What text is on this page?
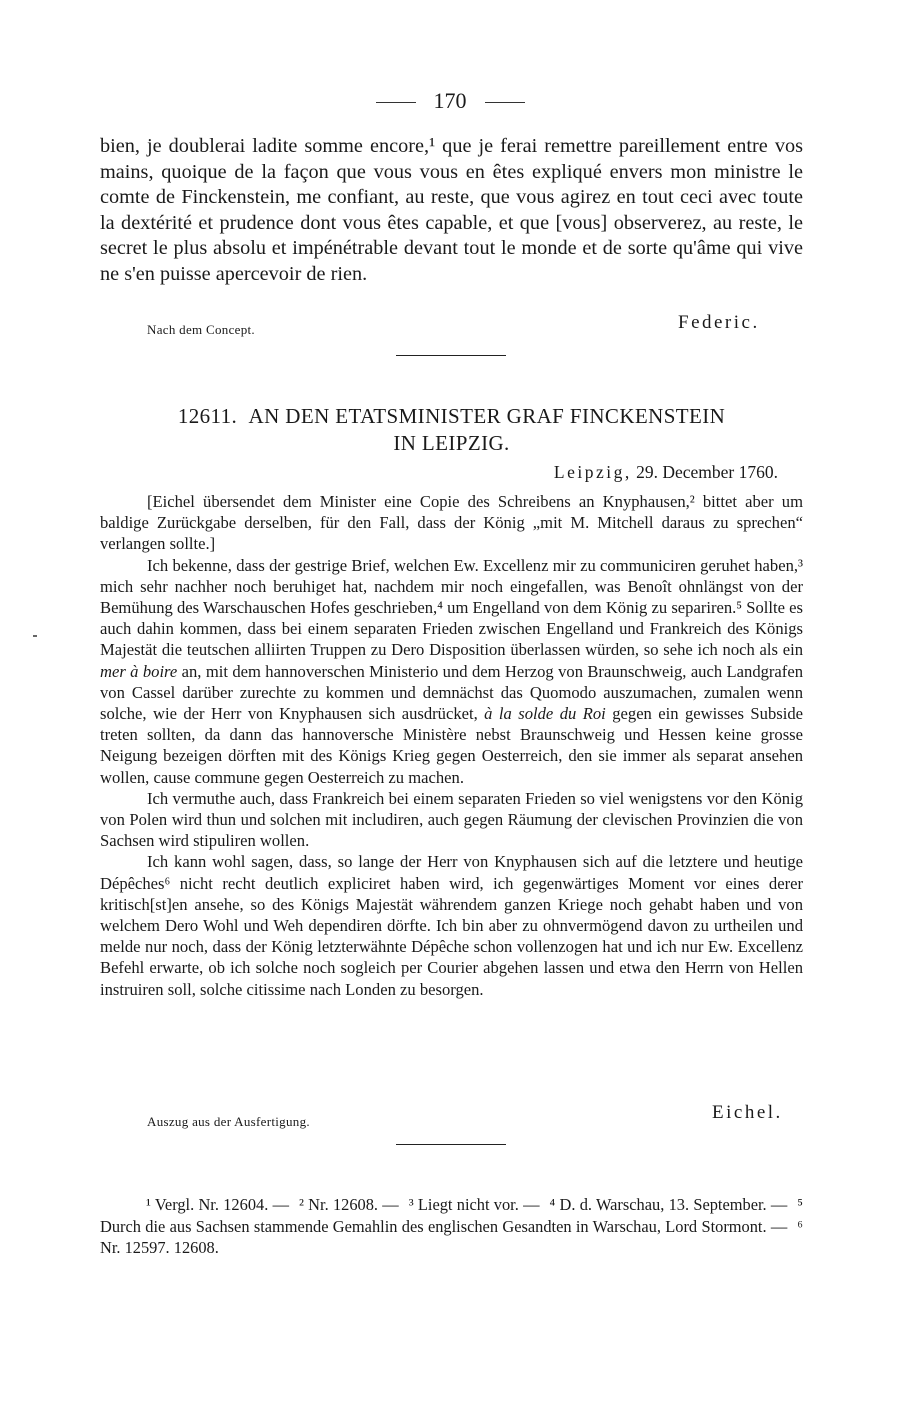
170

bien, je doublerai ladite somme encore,¹ que je ferai remettre pareillement entre vos mains, quoique de la façon que vous vous en êtes expliqué envers mon ministre le comte de Finckenstein, me confiant, au reste, que vous agirez en tout ceci avec toute la dextérité et prudence dont vous êtes capable, et que [vous] observerez, au reste, le secret le plus absolu et impénétrable devant tout le monde et de sorte qu'âme qui vive ne s'en puisse apercevoir de rien.

Nach dem Concept.	Federic.
12611. AN DEN ETATSMINISTER GRAF FINCKENSTEIN
IN LEIPZIG.
Leipzig, 29. December 1760.

[Eichel übersendet dem Minister eine Copie des Schreibens an Knyphausen,² bittet aber um baldige Zurückgabe derselben, für den Fall, dass der König „mit M. Mitchell daraus zu sprechen“ verlangen sollte.]

Ich bekenne, dass der gestrige Brief, welchen Ew. Excellenz mir zu communiciren geruhet haben,³ mich sehr nachher noch beruhiget hat, nachdem mir noch eingefallen, was Benoît ohnlängst von der Bemühung des Warschauschen Hofes geschrieben,⁴ um Engelland von dem König zu separiren.⁵ Sollte es auch dahin kommen, dass bei einem separaten Frieden zwischen Engelland und Frankreich des Königs Majestät die teutschen alliirten Truppen zu Dero Disposition überlassen würden, so sehe ich noch als ein mer à boire an, mit dem hannoverschen Ministerio und dem Herzog von Braunschweig, auch Landgrafen von Cassel darüber zurechte zu kommen und demnächst das Quomodo auszumachen, zumalen wenn solche, wie der Herr von Knyphausen sich ausdrücket, à la solde du Roi gegen ein gewisses Subside treten sollten, da dann das hannoversche Ministère nebst Braunschweig und Hessen keine grosse Neigung bezeigen dörften mit des Königs Krieg gegen Oesterreich, den sie immer als separat ansehen wollen, cause commune gegen Oesterreich zu machen.

Ich vermuthe auch, dass Frankreich bei einem separaten Frieden so viel wenigstens vor den König von Polen wird thun und solchen mit includiren, auch gegen Räumung der clevischen Provinzien die von Sachsen wird stipuliren wollen.

Ich kann wohl sagen, dass, so lange der Herr von Knyphausen sich auf die letztere und heutige Dépêches⁶ nicht recht deutlich expliciret haben wird, ich gegenwärtiges Moment vor eines derer kritisch[st]en ansehe, so des Königs Majestät währendem ganzen Kriege noch gehabt haben und von welchem Dero Wohl und Weh dependiren dörfte. Ich bin aber zu ohnvermögend davon zu urtheilen und melde nur noch, dass der König letzterwähnte Dépêche schon vollenzogen hat und ich nur Ew. Excellenz Befehl erwarte, ob ich solche noch sogleich per Courier abgehen lassen und etwa den Herrn von Hellen instruiren soll, solche citissime nach Londen zu besorgen.

Auszug aus der Ausfertigung.	Eichel.
¹ Vergl. Nr. 12604. — ² Nr. 12608. — ³ Liegt nicht vor. — ⁴ D. d. Warschau, 13. September. — ⁵ Durch die aus Sachsen stammende Gemahlin des englischen Gesandten in Warschau, Lord Stormont. — ⁶ Nr. 12597. 12608.
